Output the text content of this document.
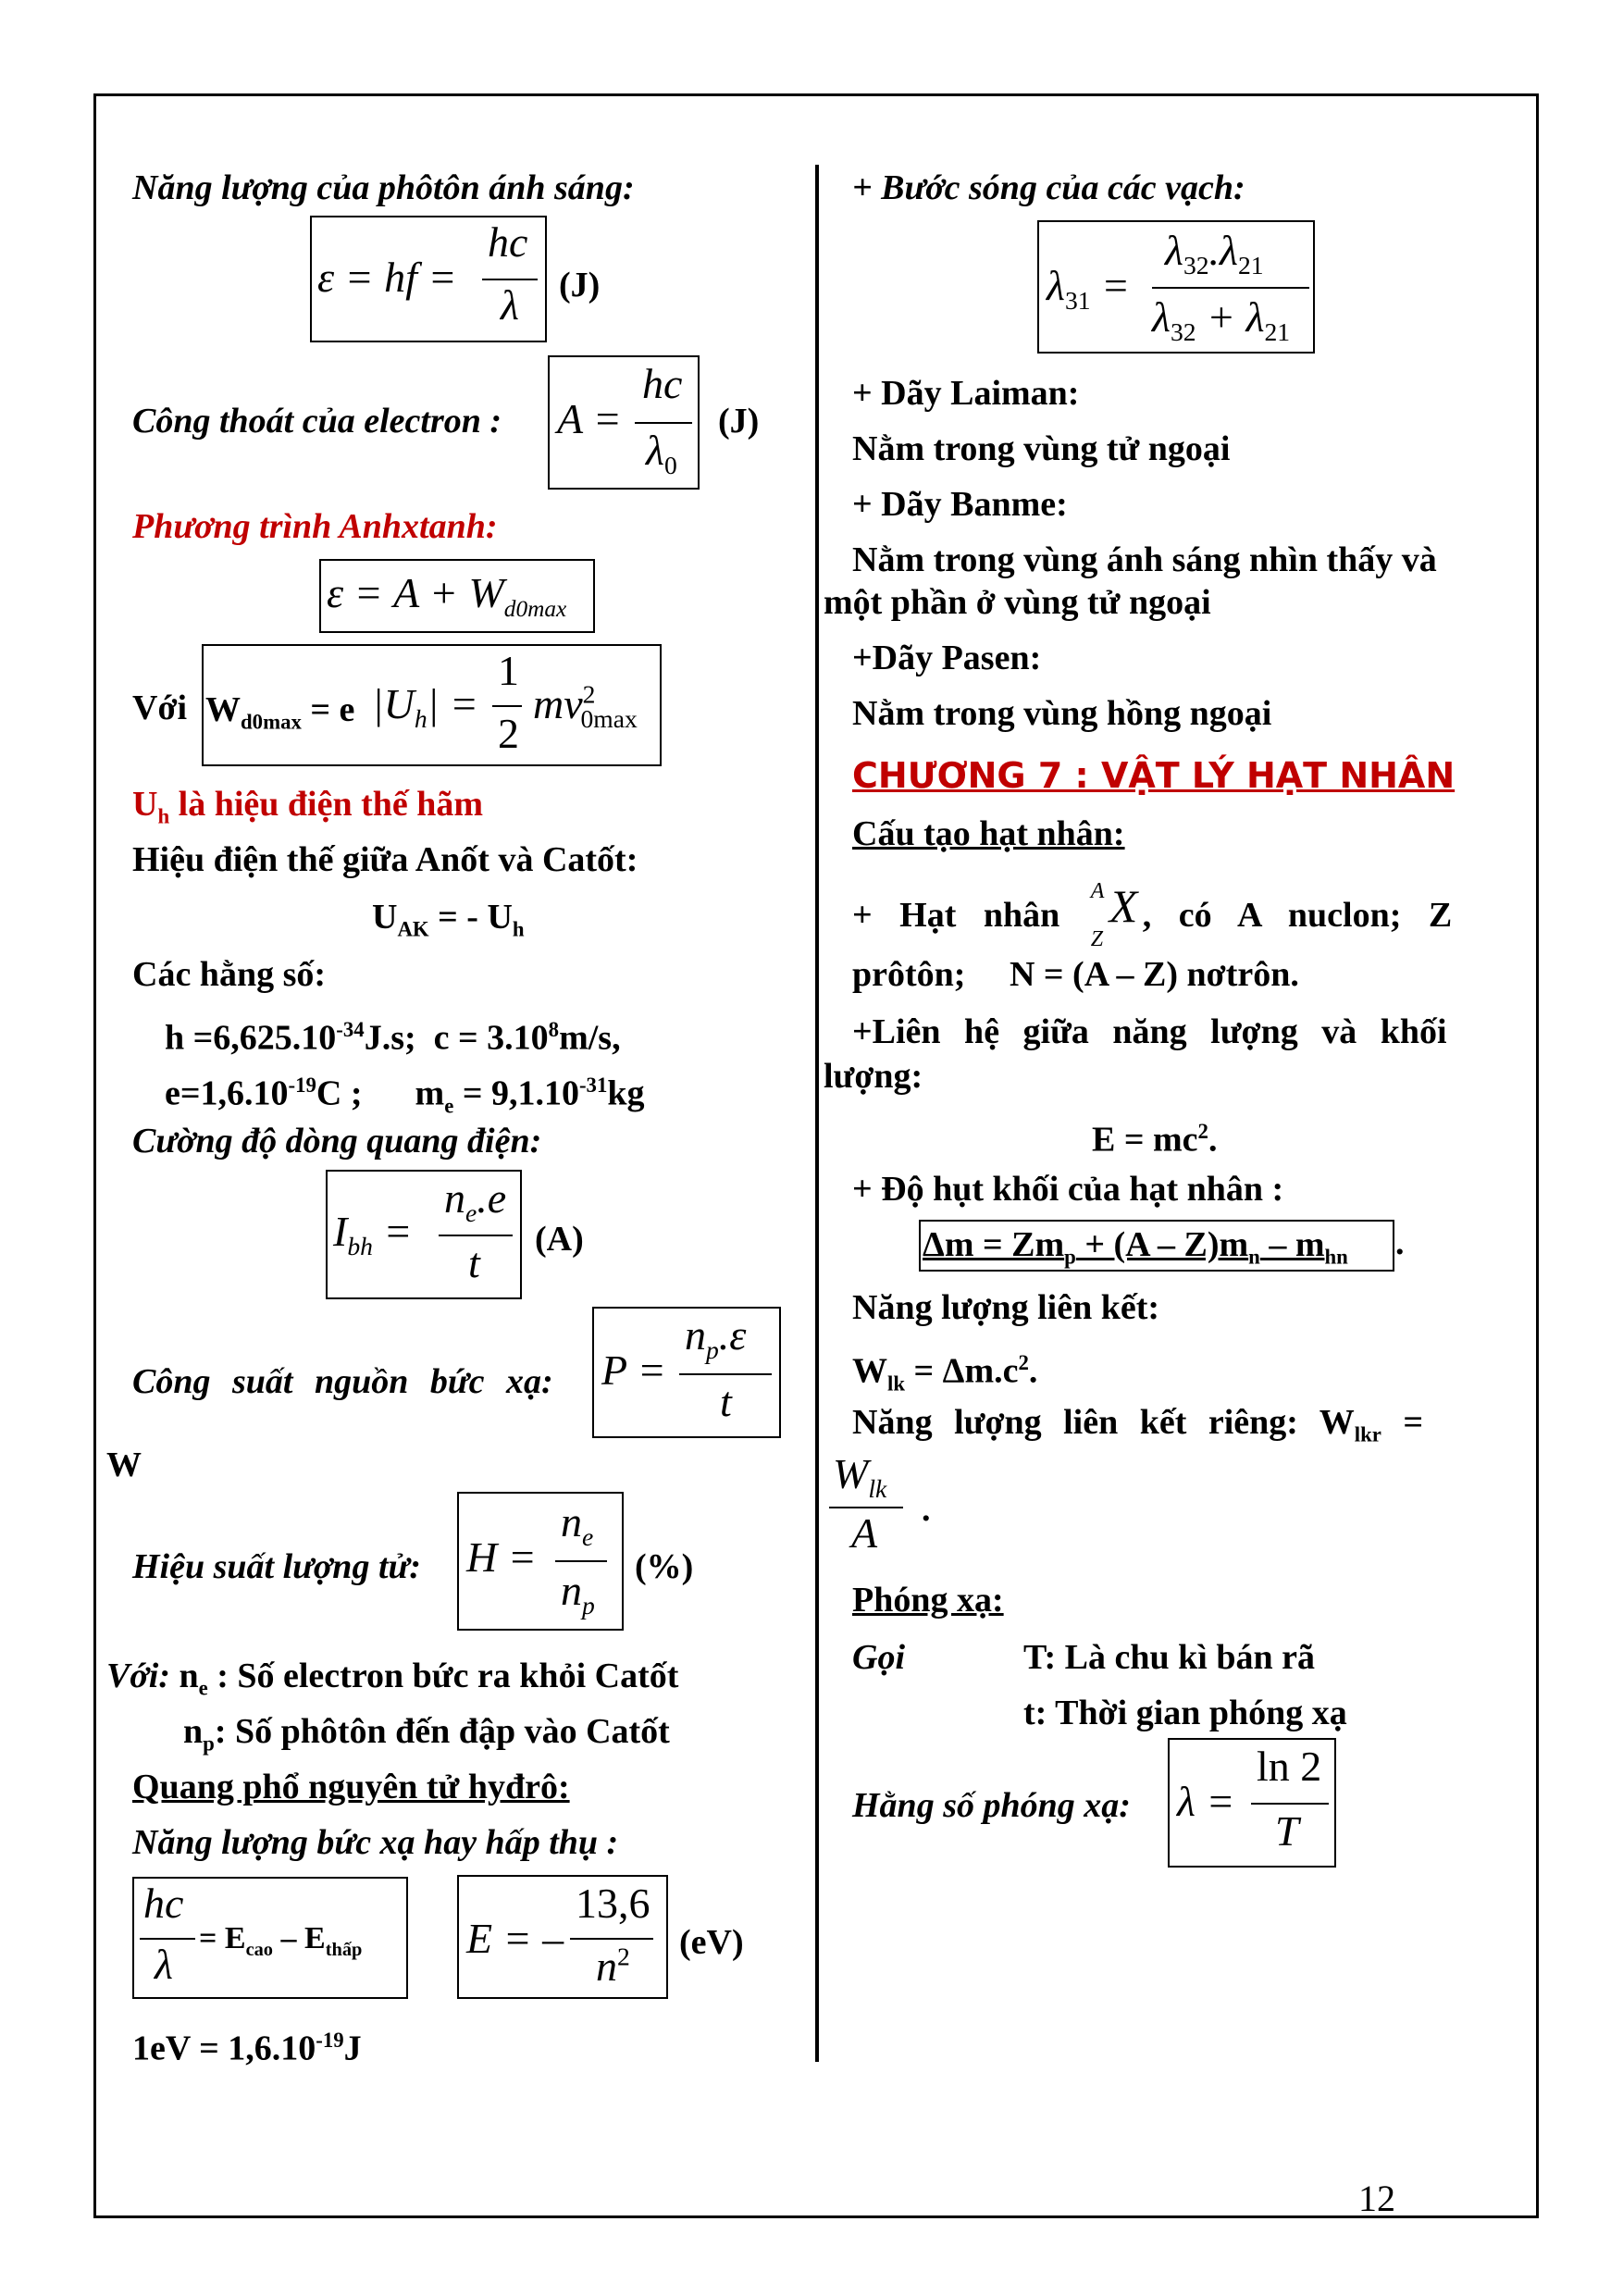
Năng lượng của phôtôn ánh sáng:
ε = hf =
hc
λ (J)
Công thoát của electron : A =
hc
$\lambda_0$
(J)
Phương trình Anhxtanh:
$\varepsilon = A + W_{d0max}$
Với $W_{d0max} = e$ $|U_h|$ =
1
2
$mv^2_{0max}$
$U_h$ là hiệu điện thế hãm
Hiệu điện thế giữa Anốt và Catốt:
$U_{AK}$ = - $U_h$
Các hằng số:
$h =6,625.10^{-34}J.s$; $c = 3.10^8m/s$,
$e=1,6.10^{-19}C$ ;      $m_e = 9,1.10^{-31}kg$
Cường độ dòng quang điện:
$I_{bh}$ =
$n_e.e$
t (A)
Công suất nguồn bức xạ: P =
$n_p.\varepsilon$
t
W
Hiệu suất lượng tử: H =
$n_e$
$n_p$
(%)
Với: $n_e$ : Số electron bức ra khỏi Catốt
$n_p$: Số phôtôn đến đập vào Catốt
Quang phổ nguyên tử hyđrô:
Năng lượng bức xạ hay hấp thụ :
hc
λ
= $E_{cao} - E_{thấp}$ E = –
13,6
$n^2$ (eV)
$1eV = 1,6.10^{-19}J$
+ Bước sóng của các vạch:
$\lambda_{31}$ =
$\lambda_{32}.\lambda_{21}$
$\lambda_{32} + \lambda_{21}$
+ Dãy Laiman:
Nằm trong vùng tử ngoại
+ Dãy Banme:
Nằm trong vùng ánh sáng nhìn thấy và
một phần ở vùng tử ngoại
+Dãy Pasen:
Nằm trong vùng hồng ngoại
CHƯƠNG 7 : VẬT LÝ HẠT NHÂN
Cấu tạo hạt nhân:
+ Hạt nhân
A
Z
X , có A nuclon; Z
prôtôn; N = (A – Z) nơtrôn.
+Liên hệ giữa năng lượng và khối
lượng:
$E = mc^2$.
+ Độ hụt khối của hạt nhân :
$\Delta m = Zm_p + (A - Z)m_n - m_{hn}$ .
Năng lượng liên kết:
$W_{lk} = \Delta m.c^2$.
Năng lượng liên kết riêng: $W_{lkr}$ =
$W_{lk}$
A .
Phóng xạ:
Gọi	T: Là chu kì bán rã
t: Thời gian phóng xạ
Hằng số phóng xạ: λ =
ln 2
T
12
